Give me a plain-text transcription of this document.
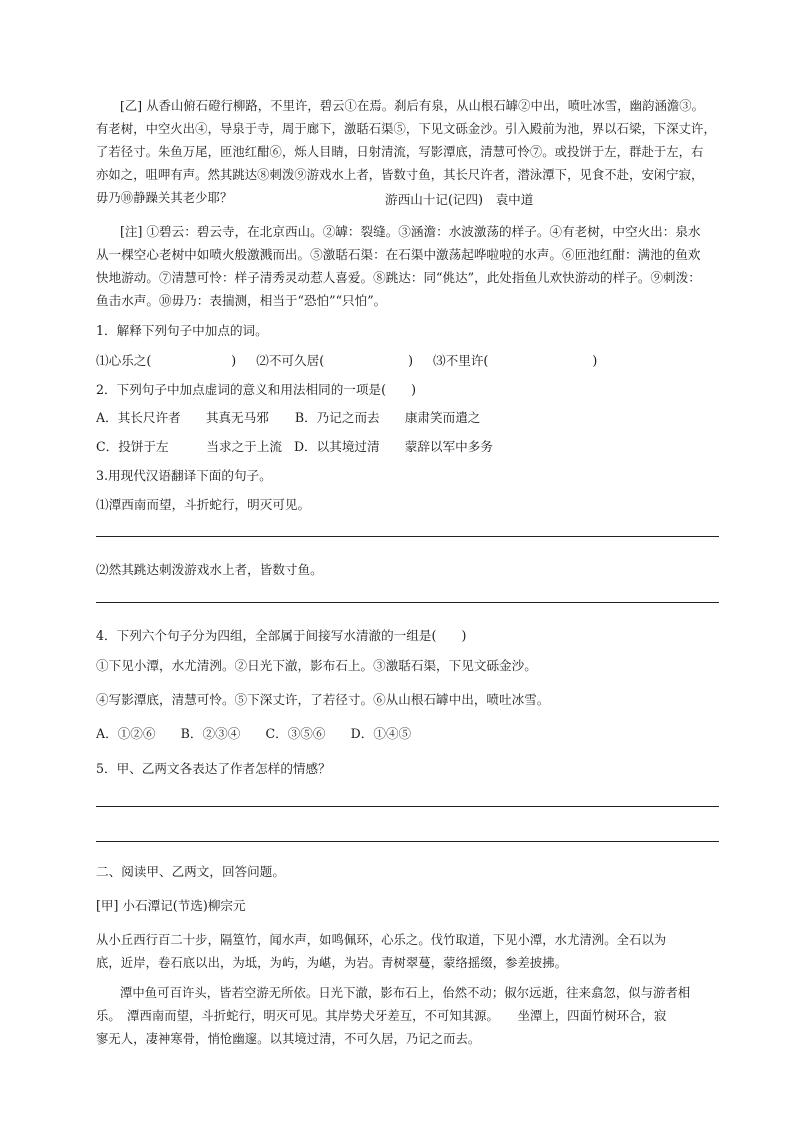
[乙] 从香山俯石磴行柳路，不里许，碧云①在焉。刹后有泉，从山根石罅②中出，喷吐冰雪，幽韵涵澹③。
有老树，中空火出④，导泉于寺，周于廊下，激聒石渠⑤，下见文砾金沙。引入殿前为池，界以石梁，下深丈许，
了若径寸。朱鱼万尾，匝池红酣⑥，烁人目睛，日射清流，写影潭底，清慧可怜⑦。或投饼于左，群赴于左，右
亦如之，咀呷有声。然其跳达⑧刺泼⑨游戏水上者，皆数寸鱼，其长尺许者，潜泳潭下，见食不赴，安闲宁寂，
毋乃⑩静躁关其老少耶？	游西山十记(记四)　袁中道
[注] ①碧云：碧云寺，在北京西山。②罅：裂缝。③涵澹：水波激荡的样子。④有老树，中空火出：泉水
从一棵空心老树中如喷火般激溅而出。⑤激聒石渠：在石渠中激荡起哗啦啦的水声。⑥匝池红酣：满池的鱼欢
快地游动。⑦清慧可怜：样子清秀灵动惹人喜爱。⑧跳达：同“佻达”，此处指鱼儿欢快游动的样子。⑨刺泼：
鱼击水声。⑩毋乃：表揣测，相当于“恐怕”“只怕”。
1．解释下列句子中加点的词。
⑴心乐之(	) ⑵不可久居(	) ⑶不里许(	)
2．下列句子中加点虚词的意义和用法相同的一项是(　　)
A．其长尺许者　　其真无马邪 B．乃记之而去　　康肃笑而遣之
C．投饼于左　　　当求之于上流 D．以其境过清　　蒙辞以军中多务
3.用现代汉语翻译下面的句子。
⑴潭西南而望，斗折蛇行，明灭可见。
⑵然其跳达刺泼游戏水上者，皆数寸鱼。
4．下列六个句子分为四组，全部属于间接写水清澈的一组是(　　)
①下见小潭，水尤清洌。②日光下澈，影布石上。③激聒石渠，下见文砾金沙。
④写影潭底，清慧可怜。⑤下深丈许，了若径寸。⑥从山根石罅中出，喷吐冰雪。
A．①②⑥　　B．②③④　　C．③⑤⑥　　D．①④⑤
5．甲、乙两文各表达了作者怎样的情感？
二、阅读甲、乙两文，回答问题。
[甲] 小石潭记(节选)柳宗元
从小丘西行百二十步，隔篁竹，闻水声，如鸣佩环，心乐之。伐竹取道，下见小潭，水尤清洌。全石以为
底，近岸，卷石底以出，为坻，为屿，为嵁，为岩。青树翠蔓，蒙络摇缀，参差披拂。
潭中鱼可百许头，皆若空游无所依。日光下澈，影布石上，佁然不动；俶尔远逝，往来翕忽，似与游者相
乐。　潭西南而望，斗折蛇行，明灭可见。其岸势犬牙差互，不可知其源。　　坐潭上，四面竹树环合，寂
寥无人，凄神寒骨，悄怆幽邃。以其境过清，不可久居，乃记之而去。
